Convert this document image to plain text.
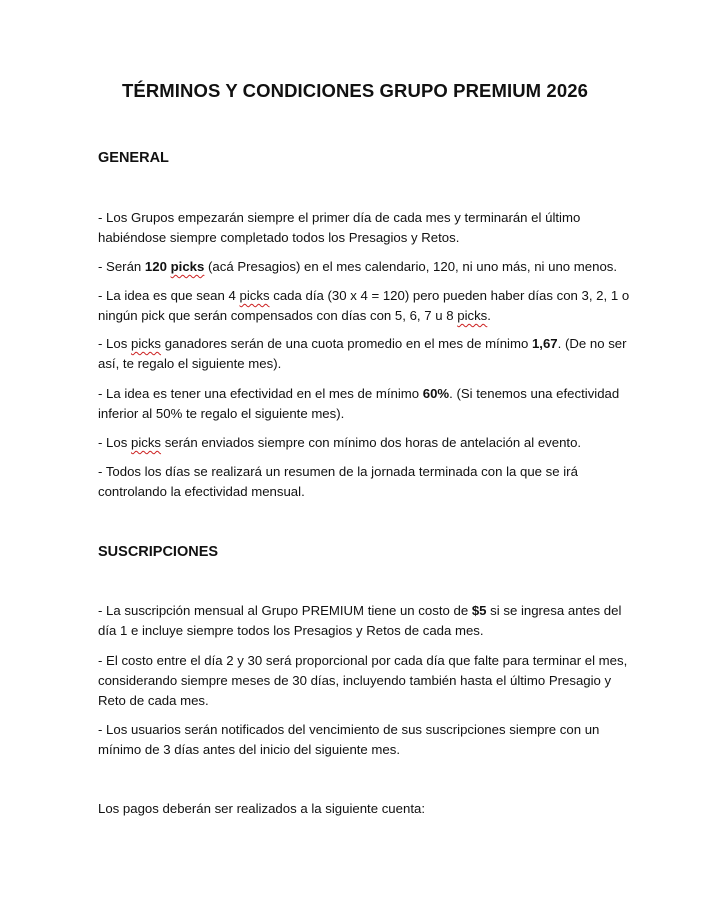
TÉRMINOS Y CONDICIONES GRUPO PREMIUM 2026
GENERAL
- Los Grupos empezarán siempre el primer día de cada mes y terminarán el último
habiéndose siempre completado todos los Presagios y Retos.
- Serán 120 picks (acá Presagios) en el mes calendario, 120, ni uno más, ni uno menos.
- La idea es que sean 4 picks cada día (30 x 4 = 120) pero pueden haber días con 3, 2, 1 o
ningún pick que serán compensados con días con 5, 6, 7 u 8 picks.
- Los picks ganadores serán de una cuota promedio en el mes de mínimo 1,67. (De no ser
así, te regalo el siguiente mes).
- La idea es tener una efectividad en el mes de mínimo 60%. (Si tenemos una efectividad
inferior al 50% te regalo el siguiente mes).
- Los picks serán enviados siempre con mínimo dos horas de antelación al evento.
- Todos los días se realizará un resumen de la jornada terminada con la que se irá
controlando la efectividad mensual.
SUSCRIPCIONES
- La suscripción mensual al Grupo PREMIUM tiene un costo de $5 si se ingresa antes del
día 1 e incluye siempre todos los Presagios y Retos de cada mes.
- El costo entre el día 2 y 30 será proporcional por cada día que falte para terminar el mes,
considerando siempre meses de 30 días, incluyendo también hasta el último Presagio y
Reto de cada mes.
- Los usuarios serán notificados del vencimiento de sus suscripciones siempre con un
mínimo de 3 días antes del inicio del siguiente mes.
Los pagos deberán ser realizados a la siguiente cuenta:
